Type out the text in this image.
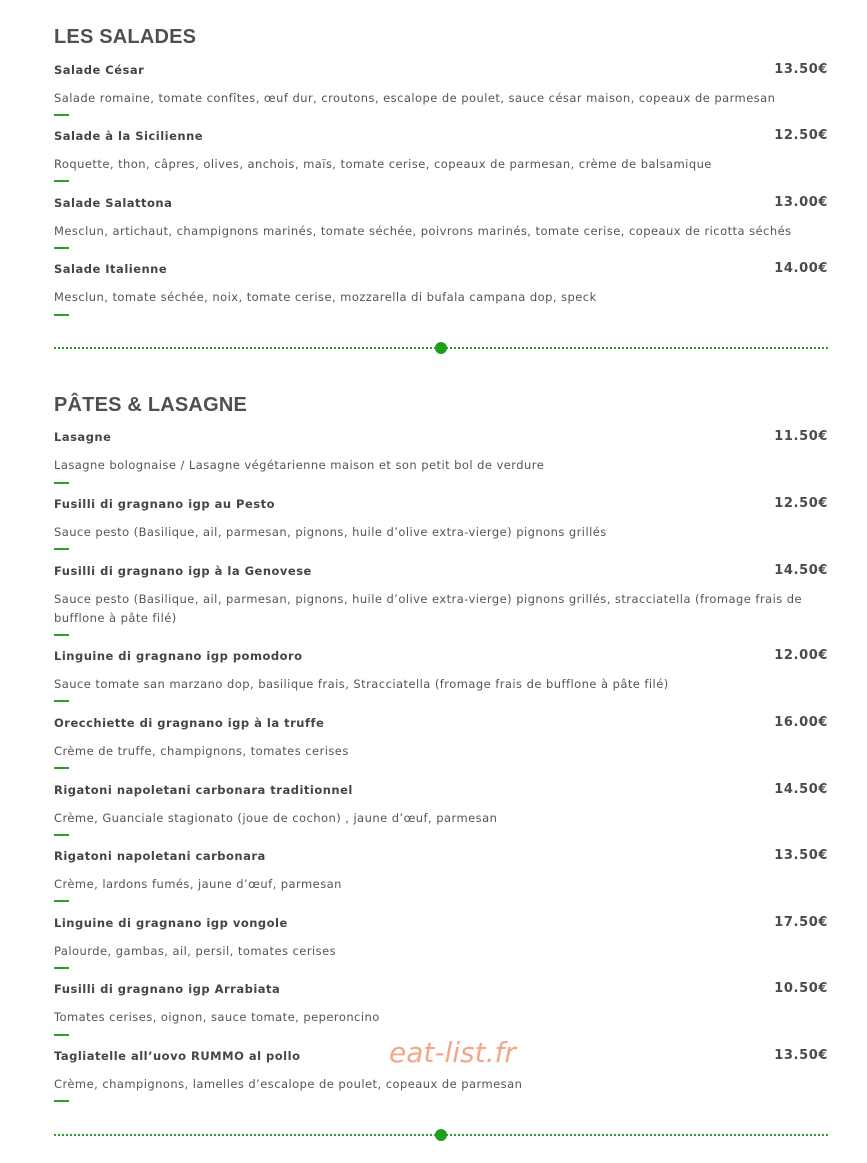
LES SALADES
Salade César	13.50€
Salade romaine, tomate confîtes, œuf dur, croutons, escalope de poulet, sauce césar maison, copeaux de parmesan
Salade à la Sicilienne	12.50€
Roquette, thon, câpres, olives, anchois, maïs, tomate cerise, copeaux de parmesan, crème de balsamique
Salade Salattona	13.00€
Mesclun, artichaut, champignons marinés, tomate séchée, poivrons marinés, tomate cerise, copeaux de ricotta séchés
Salade Italienne	14.00€
Mesclun, tomate séchée, noix, tomate cerise, mozzarella di bufala campana dop, speck
PÂTES & LASAGNE
Lasagne	11.50€
Lasagne bolognaise / Lasagne végétarienne maison et son petit bol de verdure
Fusilli di gragnano igp au Pesto	12.50€
Sauce pesto (Basilique, ail, parmesan, pignons, huile d’olive extra-vierge) pignons grillés
Fusilli di gragnano igp à la Genovese	14.50€
Sauce pesto (Basilique, ail, parmesan, pignons, huile d’olive extra-vierge) pignons grillés, stracciatella (fromage frais de bufflone à pâte filé)
Linguine di gragnano igp pomodoro	12.00€
Sauce tomate san marzano dop, basilique frais, Stracciatella (fromage frais de bufflone à pâte filé)
Orecchiette di gragnano igp à la truffe	16.00€
Crème de truffe, champignons, tomates cerises
Rigatoni napoletani carbonara traditionnel	14.50€
Crème, Guanciale stagionato (joue de cochon) , jaune d’œuf, parmesan
Rigatoni napoletani carbonara	13.50€
Crème, lardons fumés, jaune d’œuf, parmesan
Linguine di gragnano igp vongole	17.50€
Palourde, gambas, ail, persil, tomates cerises
Fusilli di gragnano igp Arrabiata	10.50€
Tomates cerises, oignon, sauce tomate, peperoncino
Tagliatelle all’uovo RUMMO al pollo	13.50€
Crème, champignons, lamelles d’escalope de poulet, copeaux de parmesan
eat-list.fr
